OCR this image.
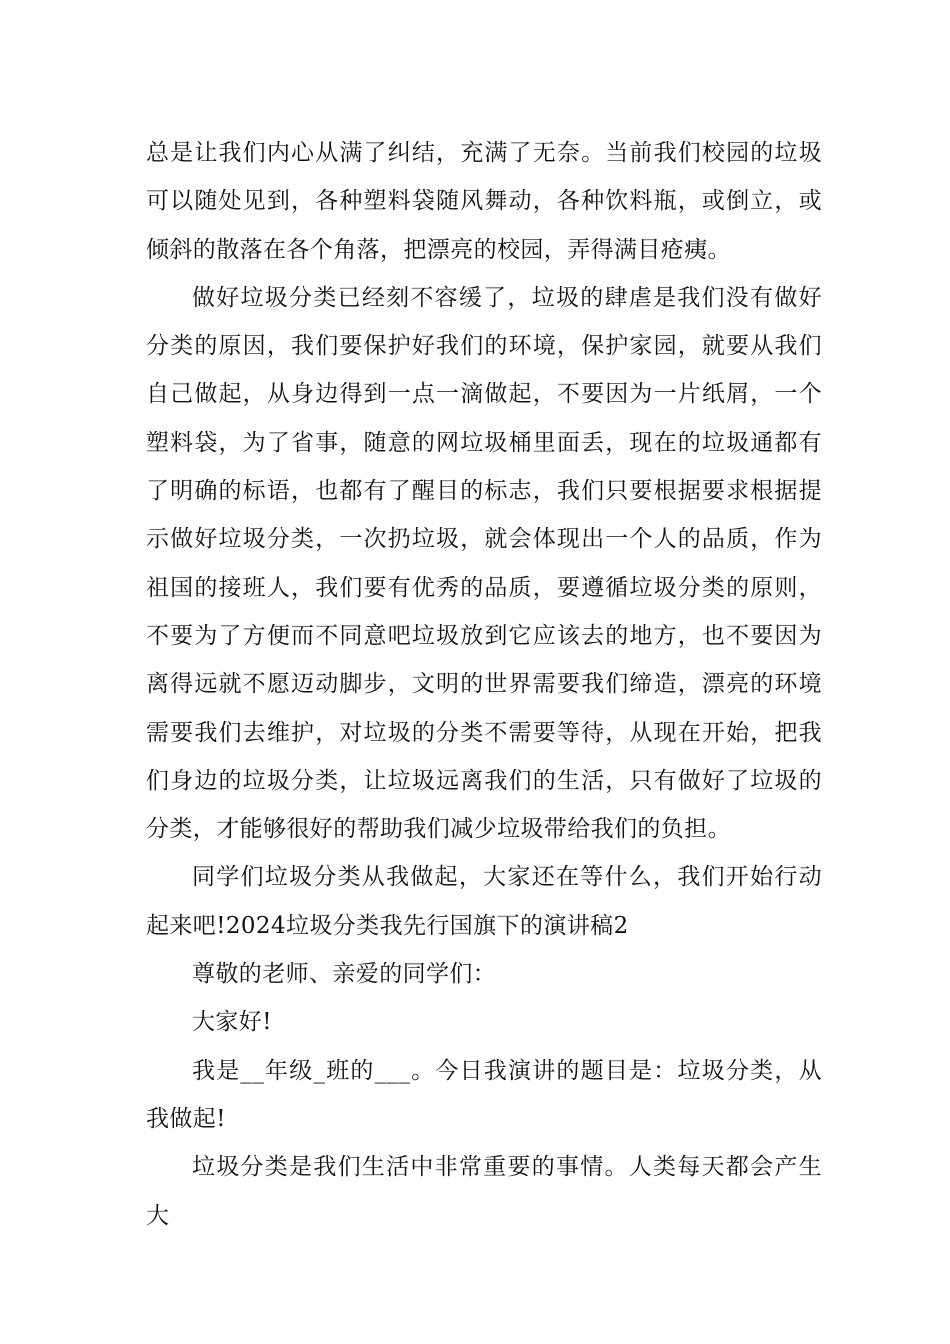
总是让我们内心从满了纠结，充满了无奈。当前我们校园的垃圾可以随处见到，各种塑料袋随风舞动，各种饮料瓶，或倒立，或倾斜的散落在各个角落，把漂亮的校园，弄得满目疮痍。

做好垃圾分类已经刻不容缓了，垃圾的肆虐是我们没有做好分类的原因，我们要保护好我们的环境，保护家园，就要从我们自己做起，从身边得到一点一滴做起，不要因为一片纸屑，一个塑料袋，为了省事，随意的网垃圾桶里面丢，现在的垃圾通都有了明确的标语，也都有了醒目的标志，我们只要根据要求根据提示做好垃圾分类，一次扔垃圾，就会体现出一个人的品质，作为祖国的接班人，我们要有优秀的品质，要遵循垃圾分类的原则，不要为了方便而不同意吧垃圾放到它应该去的地方，也不要因为离得远就不愿迈动脚步，文明的世界需要我们缔造，漂亮的环境需要我们去维护，对垃圾的分类不需要等待，从现在开始，把我们身边的垃圾分类，让垃圾远离我们的生活，只有做好了垃圾的分类，才能够很好的帮助我们减少垃圾带给我们的负担。

同学们垃圾分类从我做起，大家还在等什么，我们开始行动起来吧!2024垃圾分类我先行国旗下的演讲稿2

尊敬的老师、亲爱的同学们：

大家好!

我是__年级_班的___。今日我演讲的题目是：垃圾分类，从我做起!

垃圾分类是我们生活中非常重要的事情。人类每天都会产生大
